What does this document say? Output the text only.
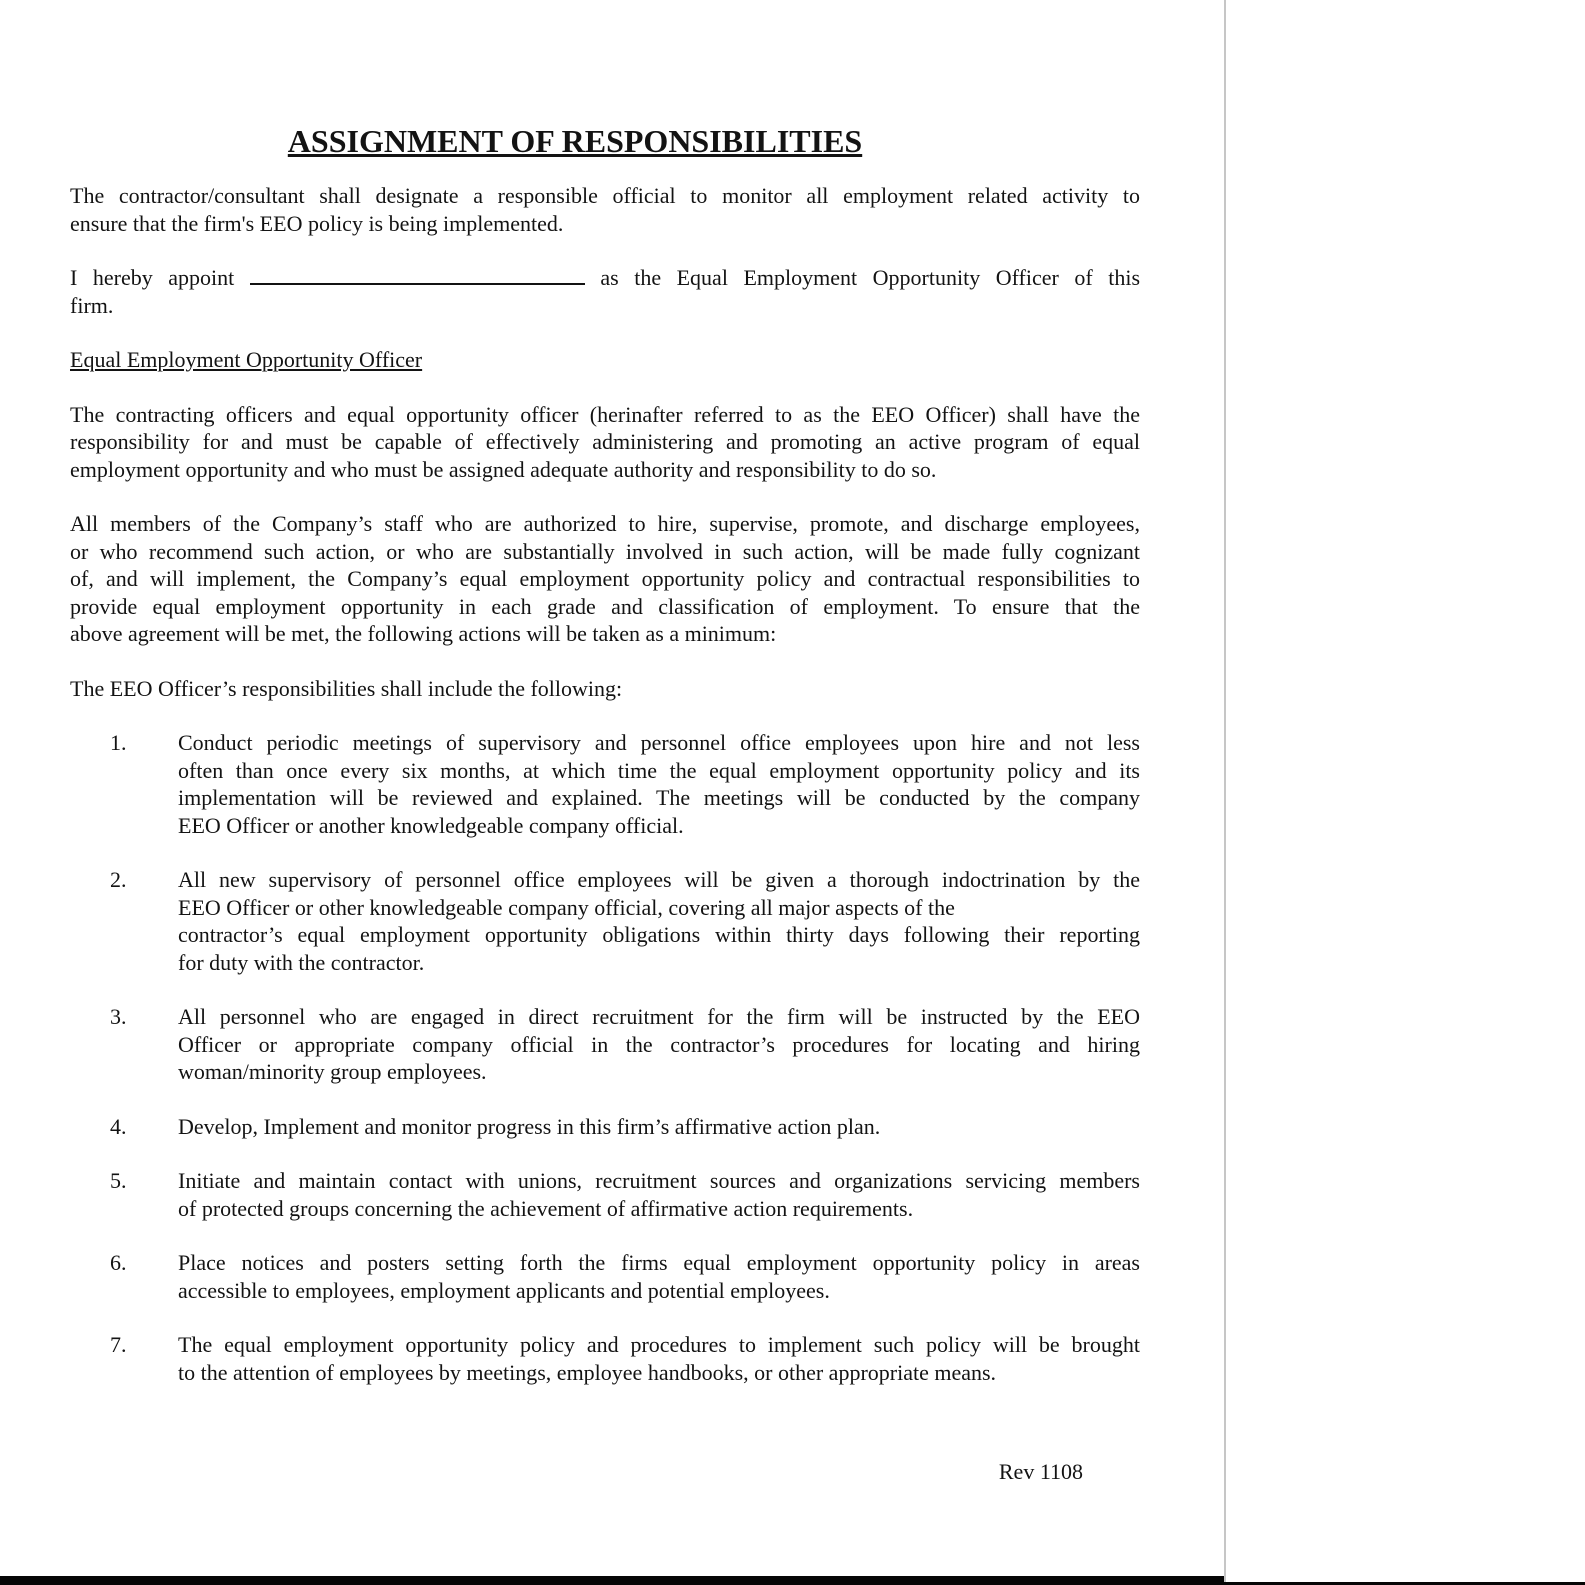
ASSIGNMENT OF RESPONSIBILITIES
The contractor/consultant shall designate a responsible official to monitor all employment related activity to
ensure that the firm's EEO policy is being implemented.
I hereby appoint	as the Equal Employment Opportunity Officer of this
firm.
Equal Employment Opportunity Officer
The contracting officers and equal opportunity officer (herinafter referred to as the EEO Officer) shall have the
responsibility for and must be capable of effectively administering and promoting an active program of equal
employment opportunity and who must be assigned adequate authority and responsibility to do so.
All members of the Company’s staff who are authorized to hire, supervise, promote, and discharge employees,
or who recommend such action, or who are substantially involved in such action, will be made fully cognizant
of, and will implement, the Company’s equal employment opportunity policy and contractual responsibilities to
provide equal employment opportunity in each grade and classification of employment. To ensure that the
above agreement will be met, the following actions will be taken as a minimum:
The EEO Officer’s responsibilities shall include the following:
1.	Conduct periodic meetings of supervisory and personnel office employees upon hire and not less
often than once every six months, at which time the equal employment opportunity policy and its
implementation will be reviewed and explained. The meetings will be conducted by the company
EEO Officer or another knowledgeable company official.
2.	All new supervisory of personnel office employees will be given a thorough indoctrination by the
EEO Officer or other knowledgeable company official, covering all major aspects of the
contractor’s equal employment opportunity obligations within thirty days following their reporting
for duty with the contractor.
3.	All personnel who are engaged in direct recruitment for the firm will be instructed by the EEO
Officer or appropriate company official in the contractor’s procedures for locating and hiring
woman/minority group employees.
4.	Develop, Implement and monitor progress in this firm’s affirmative action plan.
5.	Initiate and maintain contact with unions, recruitment sources and organizations servicing members
of protected groups concerning the achievement of affirmative action requirements.
6.	Place notices and posters setting forth the firms equal employment opportunity policy in areas
accessible to employees, employment applicants and potential employees.
7.	The equal employment opportunity policy and procedures to implement such policy will be brought
to the attention of employees by meetings, employee handbooks, or other appropriate means.
Rev 1108
